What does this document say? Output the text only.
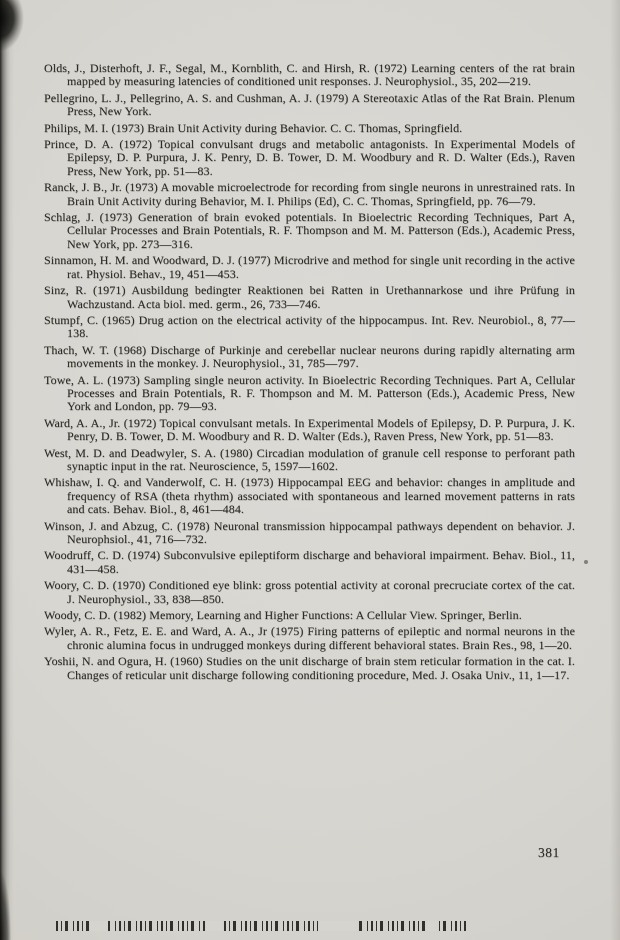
Olds, J., Disterhoft, J. F., Segal, M., Kornblith, C. and Hirsh, R. (1972) Learning centers of the rat brain mapped by measuring latencies of conditioned unit responses. J. Neurophysiol., 35, 202—219.

Pellegrino, L. J., Pellegrino, A. S. and Cushman, A. J. (1979) A Stereotaxic Atlas of the Rat Brain. Plenum Press, New York.

Philips, M. I. (1973) Brain Unit Activity during Behavior. C. C. Thomas, Springfield.

Prince, D. A. (1972) Topical convulsant drugs and metabolic antagonists. In Experimental Models of Epilepsy, D. P. Purpura, J. K. Penry, D. B. Tower, D. M. Woodbury and R. D. Walter (Eds.), Raven Press, New York, pp. 51—83.

Ranck, J. B., Jr. (1973) A movable microelectrode for recording from single neurons in unrestrained rats. In Brain Unit Activity during Behavior, M. I. Philips (Ed), C. C. Thomas, Springfield, pp. 76—79.

Schlag, J. (1973) Generation of brain evoked potentials. In Bioelectric Recording Techniques, Part A, Cellular Processes and Brain Potentials, R. F. Thompson and M. M. Patterson (Eds.), Academic Press, New York, pp. 273—316.

Sinnamon, H. M. and Woodward, D. J. (1977) Microdrive and method for single unit recording in the active rat. Physiol. Behav., 19, 451—453.

Sinz, R. (1971) Ausbildung bedingter Reaktionen bei Ratten in Urethannarkose und ihre Prüfung in Wachzustand. Acta biol. med. germ., 26, 733—746.

Stumpf, C. (1965) Drug action on the electrical activity of the hippocampus. Int. Rev. Neurobiol., 8, 77—138.

Thach, W. T. (1968) Discharge of Purkinje and cerebellar nuclear neurons during rapidly alternating arm movements in the monkey. J. Neurophysiol., 31, 785—797.

Towe, A. L. (1973) Sampling single neuron activity. In Bioelectric Recording Techniques. Part A, Cellular Processes and Brain Potentials, R. F. Thompson and M. M. Patterson (Eds.), Academic Press, New York and London, pp. 79—93.

Ward, A. A., Jr. (1972) Topical convulsant metals. In Experimental Models of Epilepsy, D. P. Purpura, J. K. Penry, D. B. Tower, D. M. Woodbury and R. D. Walter (Eds.), Raven Press, New York, pp. 51—83.

West, M. D. and Deadwyler, S. A. (1980) Circadian modulation of granule cell response to perforant path synaptic input in the rat. Neuroscience, 5, 1597—1602.

Whishaw, I. Q. and Vanderwolf, C. H. (1973) Hippocampal EEG and behavior: changes in amplitude and frequency of RSA (theta rhythm) associated with spontaneous and learned movement patterns in rats and cats. Behav. Biol., 8, 461—484.

Winson, J. and Abzug, C. (1978) Neuronal transmission hippocampal pathways dependent on behavior. J. Neurophsiol., 41, 716—732.

Woodruff, C. D. (1974) Subconvulsive epileptiform discharge and behavioral impairment. Behav. Biol., 11, 431—458.

Woory, C. D. (1970) Conditioned eye blink: gross potential activity at coronal precruciate cortex of the cat. J. Neurophysiol., 33, 838—850.

Woody, C. D. (1982) Memory, Learning and Higher Functions: A Cellular View. Springer, Berlin.

Wyler, A. R., Fetz, E. E. and Ward, A. A., Jr (1975) Firing patterns of epileptic and normal neurons in the chronic alumina focus in undrugged monkeys during different behavioral states. Brain Res., 98, 1—20.

Yoshii, N. and Ogura, H. (1960) Studies on the unit discharge of brain stem reticular formation in the cat. I. Changes of reticular unit discharge following conditioning procedure, Med. J. Osaka Univ., 11, 1—17.

381
